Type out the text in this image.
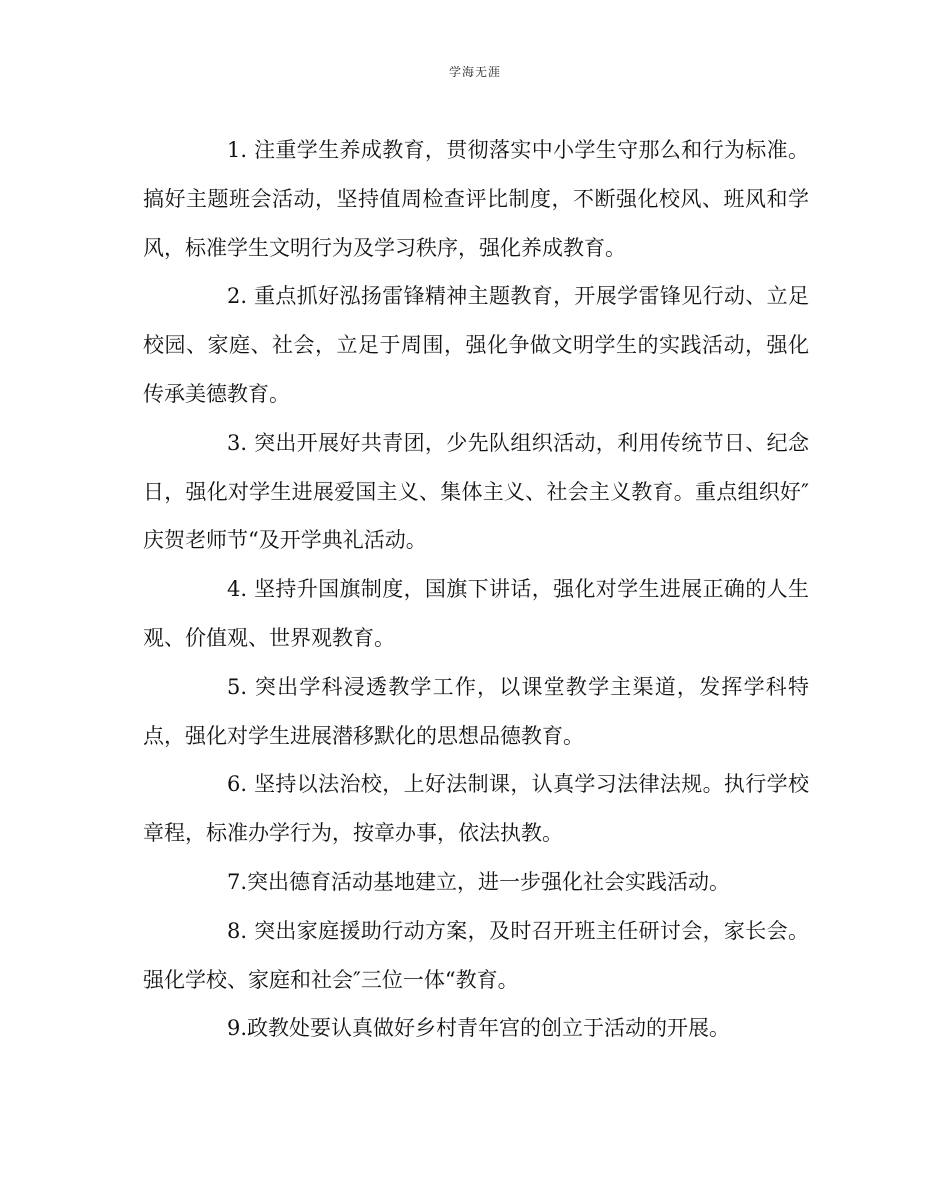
学海无涯

1. 注重学生养成教育，贯彻落实中小学生守那么和行为标准。搞好主题班会活动，坚持值周检查评比制度，不断强化校风、班风和学风，标准学生文明行为及学习秩序，强化养成教育。

2. 重点抓好泓扬雷锋精神主题教育，开展学雷锋见行动、立足校园、家庭、社会，立足于周围，强化争做文明学生的实践活动，强化传承美德教育。

3. 突出开展好共青团，少先队组织活动，利用传统节日、纪念日，强化对学生进展爱国主义、集体主义、社会主义教育。重点组织好″庆贺老师节“及开学典礼活动。

4. 坚持升国旗制度，国旗下讲话，强化对学生进展正确的人生观、价值观、世界观教育。

5. 突出学科浸透教学工作，以课堂教学主渠道，发挥学科特点，强化对学生进展潜移默化的思想品德教育。

6. 坚持以法治校，上好法制课，认真学习法律法规。执行学校章程，标准办学行为，按章办事，依法执教。

7.突出德育活动基地建立，进一步强化社会实践活动。

8. 突出家庭援助行动方案，及时召开班主任研讨会，家长会。强化学校、家庭和社会″三位一体“教育。

9.政教处要认真做好乡村青年宫的创立于活动的开展。
